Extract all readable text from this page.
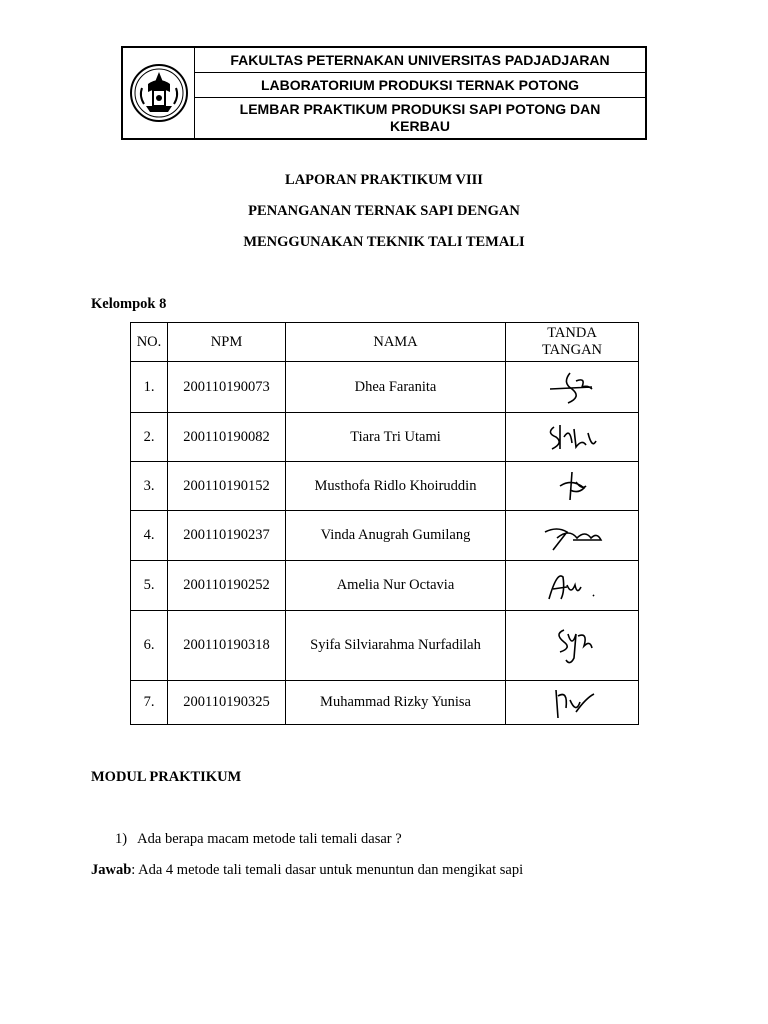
FAKULTAS PETERNAKAN UNIVERSITAS PADJADJARAN
LABORATORIUM PRODUKSI TERNAK POTONG
LEMBAR PRAKTIKUM PRODUKSI SAPI POTONG DAN KERBAU
LAPORAN PRAKTIKUM VIII
PENANGANAN TERNAK SAPI DENGAN
MENGGUNAKAN TEKNIK TALI TEMALI
Kelompok 8
NO.	NPM	NAMA	TANDA
TANGAN

1.	200110190073	Dhea Faranita	

2.	200110190082	Tiara Tri Utami	

3.	200110190152	Musthofa Ridlo Khoiruddin	

4.	200110190237	Vinda Anugrah Gumilang	

5.	200110190252	Amelia Nur Octavia	

6.	200110190318	Syifa Silviarahma Nurfadilah	

7.	200110190325	Muhammad Rizky Yunisa	
MODUL PRAKTIKUM
1) Ada berapa macam metode tali temali dasar ?
Jawab: Ada 4 metode tali temali dasar untuk menuntun dan mengikat sapi
